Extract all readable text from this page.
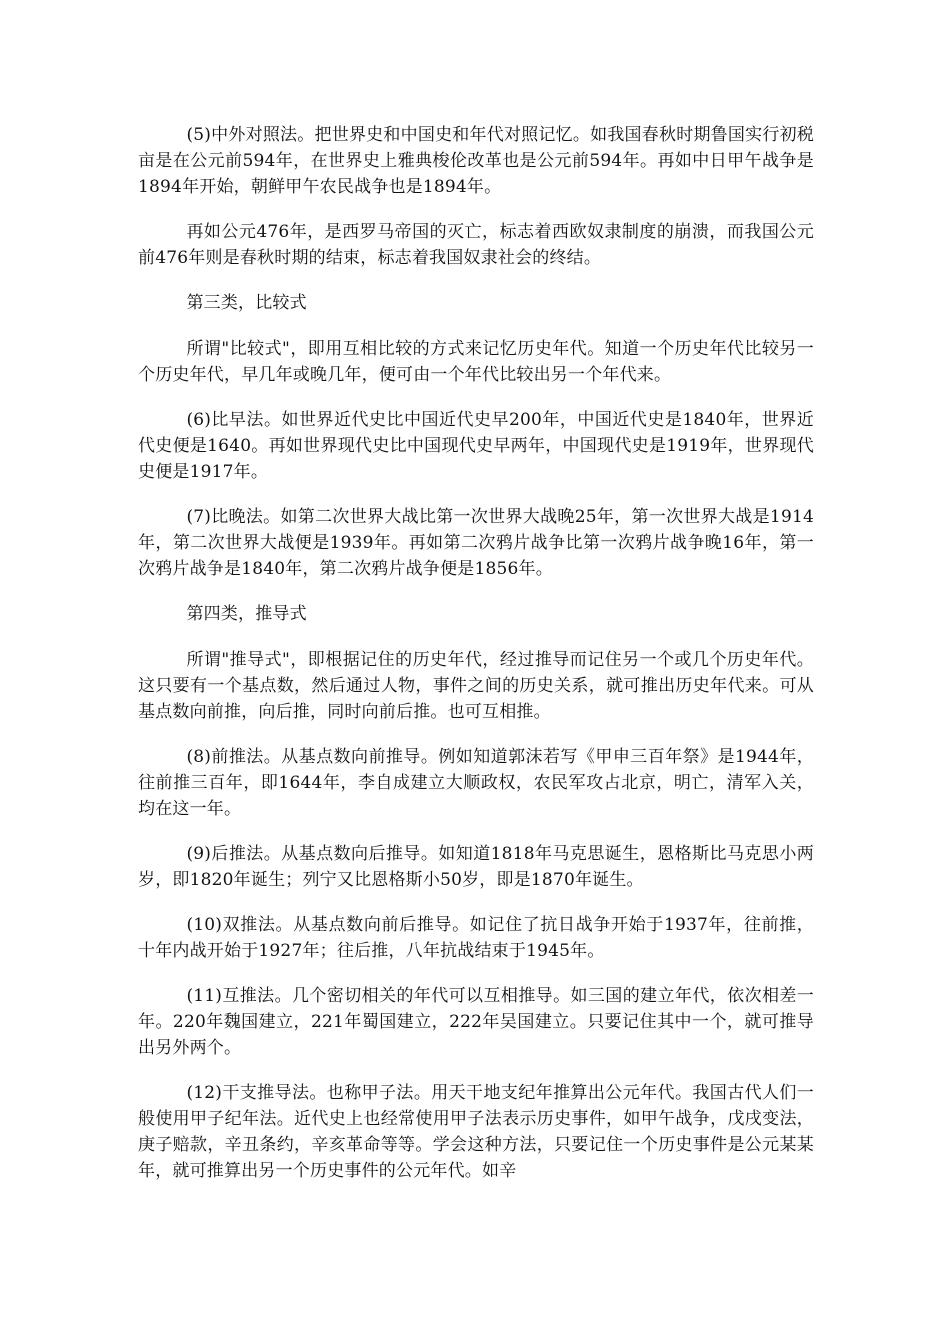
(5)中外对照法。把世界史和中国史和年代对照记忆。如我国春秋时期鲁国实行初税亩是在公元前594年，在世界史上雅典梭伦改革也是公元前594年。再如中日甲午战争是1894年开始，朝鲜甲午农民战争也是1894年。

再如公元476年，是西罗马帝国的灭亡，标志着西欧奴隶制度的崩溃，而我国公元前476年则是春秋时期的结束，标志着我国奴隶社会的终结。

第三类，比较式

所谓"比较式"，即用互相比较的方式来记忆历史年代。知道一个历史年代比较另一个历史年代，早几年或晚几年，便可由一个年代比较出另一个年代来。

(6)比早法。如世界近代史比中国近代史早200年，中国近代史是1840年，世界近代史便是1640。再如世界现代史比中国现代史早两年，中国现代史是1919年，世界现代史便是1917年。

(7)比晚法。如第二次世界大战比第一次世界大战晚25年，第一次世界大战是1914年，第二次世界大战便是1939年。再如第二次鸦片战争比第一次鸦片战争晚16年，第一次鸦片战争是1840年，第二次鸦片战争便是1856年。

第四类，推导式

所谓"推导式"，即根据记住的历史年代，经过推导而记住另一个或几个历史年代。这只要有一个基点数，然后通过人物，事件之间的历史关系，就可推出历史年代来。可从基点数向前推，向后推，同时向前后推。也可互相推。

(8)前推法。从基点数向前推导。例如知道郭沫若写《甲申三百年祭》是1944年，往前推三百年，即1644年，李自成建立大顺政权，农民军攻占北京，明亡，清军入关，均在这一年。

(9)后推法。从基点数向后推导。如知道1818年马克思诞生，恩格斯比马克思小两岁，即1820年诞生；列宁又比恩格斯小50岁，即是1870年诞生。

(10)双推法。从基点数向前后推导。如记住了抗日战争开始于1937年，往前推，十年内战开始于1927年；往后推，八年抗战结束于1945年。

(11)互推法。几个密切相关的年代可以互相推导。如三国的建立年代，依次相差一年。220年魏国建立，221年蜀国建立，222年吴国建立。只要记住其中一个，就可推导出另外两个。

(12)干支推导法。也称甲子法。用天干地支纪年推算出公元年代。我国古代人们一般使用甲子纪年法。近代史上也经常使用甲子法表示历史事件，如甲午战争，戊戌变法，庚子赔款，辛丑条约，辛亥革命等等。学会这种方法，只要记住一个历史事件是公元某某年，就可推算出另一个历史事件的公元年代。如辛
